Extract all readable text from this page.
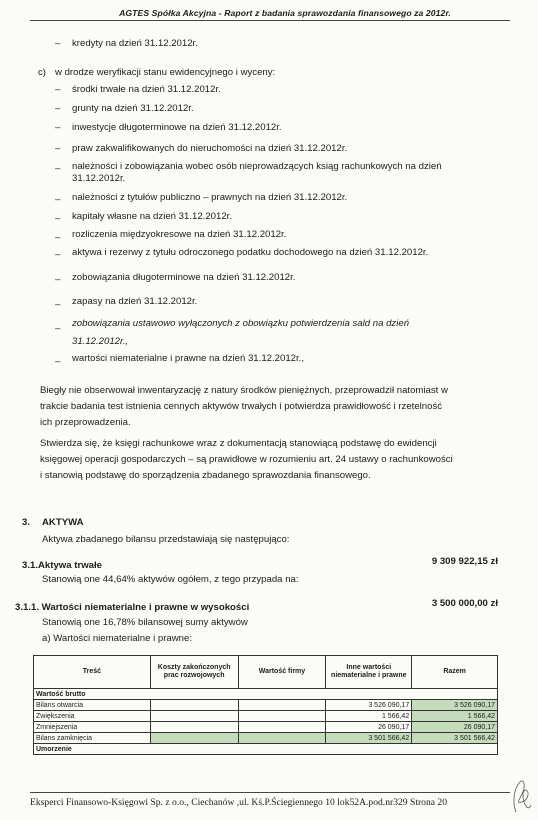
AGTES Spółka Akcyjna - Raport z badania sprawozdania finansowego za 2012r.
– kredyty na dzień 31.12.2012r.
c) w drodze weryfikacji stanu ewidencyjnego i wyceny:
– środki trwałe na dzień 31.12.2012r.
– grunty na dzień 31.12.2012r.
– inwestycje długoterminowe na dzień 31.12.2012r.
– praw zakwalifikowanych do nieruchomości na dzień 31.12.2012r.
– należności i zobowiązania wobec osób nieprowadzących ksiąg rachunkowych na dzień
31.12.2012r.
– należności z tytułów publiczno – prawnych na dzień 31.12.2012r.
– kapitały własne na dzień 31.12.2012r.
– rozliczenia międzyokresowe na dzień 31.12.2012r.
– aktywa i rezerwy z tytułu odroczonego podatku dochodowego na dzień 31.12.2012r.
– zobowiązania długoterminowe na dzień 31.12.2012r.
– zapasy na dzień 31.12.2012r.
– zobowiązania ustawowo wyłączonych z obowiązku potwierdzenia sald na dzień
31.12.2012r.,
– wartości niematerialne i prawne na dzień 31.12.2012r.,
Biegły nie obserwował inwentaryzację z natury środków pieniężnych, przeprowadził natomiast w
trakcie badania test istnienia cennych aktywów trwałych i potwierdza prawidłowość i rzetelność
ich przeprowadzenia.
Stwierdza się, że księgi rachunkowe wraz z dokumentacją stanowiącą podstawę do ewidencji
księgowej operacji gospodarczych – są prawidłowe w rozumieniu art. 24 ustawy o rachunkowości
i stanowią podstawę do sporządzenia zbadanego sprawozdania finansowego.
3. AKTYWA
Aktywa zbadanego bilansu przedstawiają się następująco:
3.1.Aktywa trwałe	9 309 922,15 zł
Stanowią one 44,64% aktywów ogółem, z tego przypada na:
3.1.1. Wartości niematerialne i prawne w wysokości	3 500 000,00 zł
Stanowią one 16,78% bilansowej sumy aktywów
a) Wartości niematerialne i prawne:
Treść	Koszty zakończonych prac rozwojowych	Wartość firmy	Inne wartości niematerialne i prawne	Razem
Wartość brutto				
Bilans otwarcia			3 526 090,17	3 526 090,17
Zwiększenia			1 566,42	1 566,42
Zmniejszenia			26 090,17	26 090,17
Bilans zamknięcia			3 501 566,42	3 501 566,42
Umorzenie				
Eksperci Finansowo-Księgowi Sp. z o.o., Ciechanów ,ul. Kś.P.Ściegiennego 10 lok52A.pod.nr329 Strona 20
